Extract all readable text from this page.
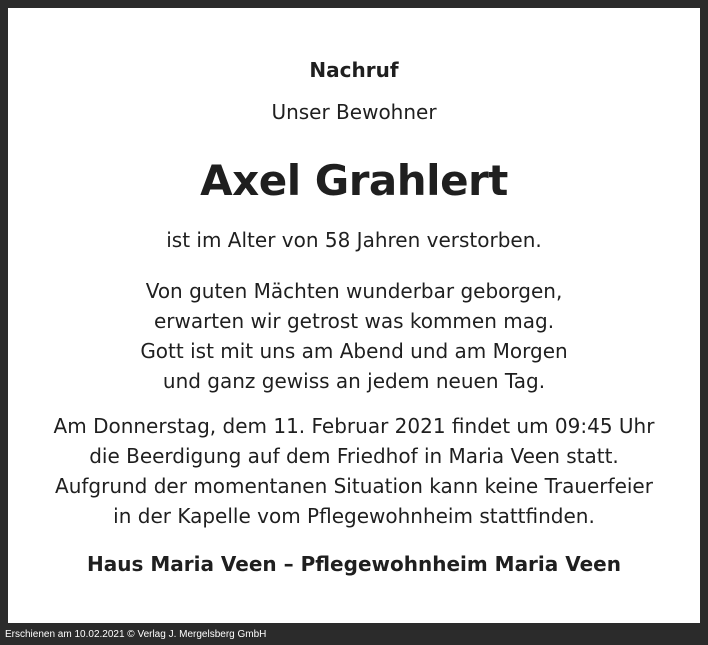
Nachruf
Unser Bewohner
Axel Grahlert
ist im Alter von 58 Jahren verstorben.
Von guten Mächten wunderbar geborgen,
erwarten wir getrost was kommen mag.
Gott ist mit uns am Abend und am Morgen
und ganz gewiss an jedem neuen Tag.
Am Donnerstag, dem 11. Februar 2021 findet um 09:45 Uhr
die Beerdigung auf dem Friedhof in Maria Veen statt.
Aufgrund der momentanen Situation kann keine Trauerfeier
in der Kapelle vom Pflegewohnheim stattfinden.
Haus Maria Veen – Pflegewohnheim Maria Veen
Erschienen am 10.02.2021 © Verlag J. Mergelsberg GmbH
